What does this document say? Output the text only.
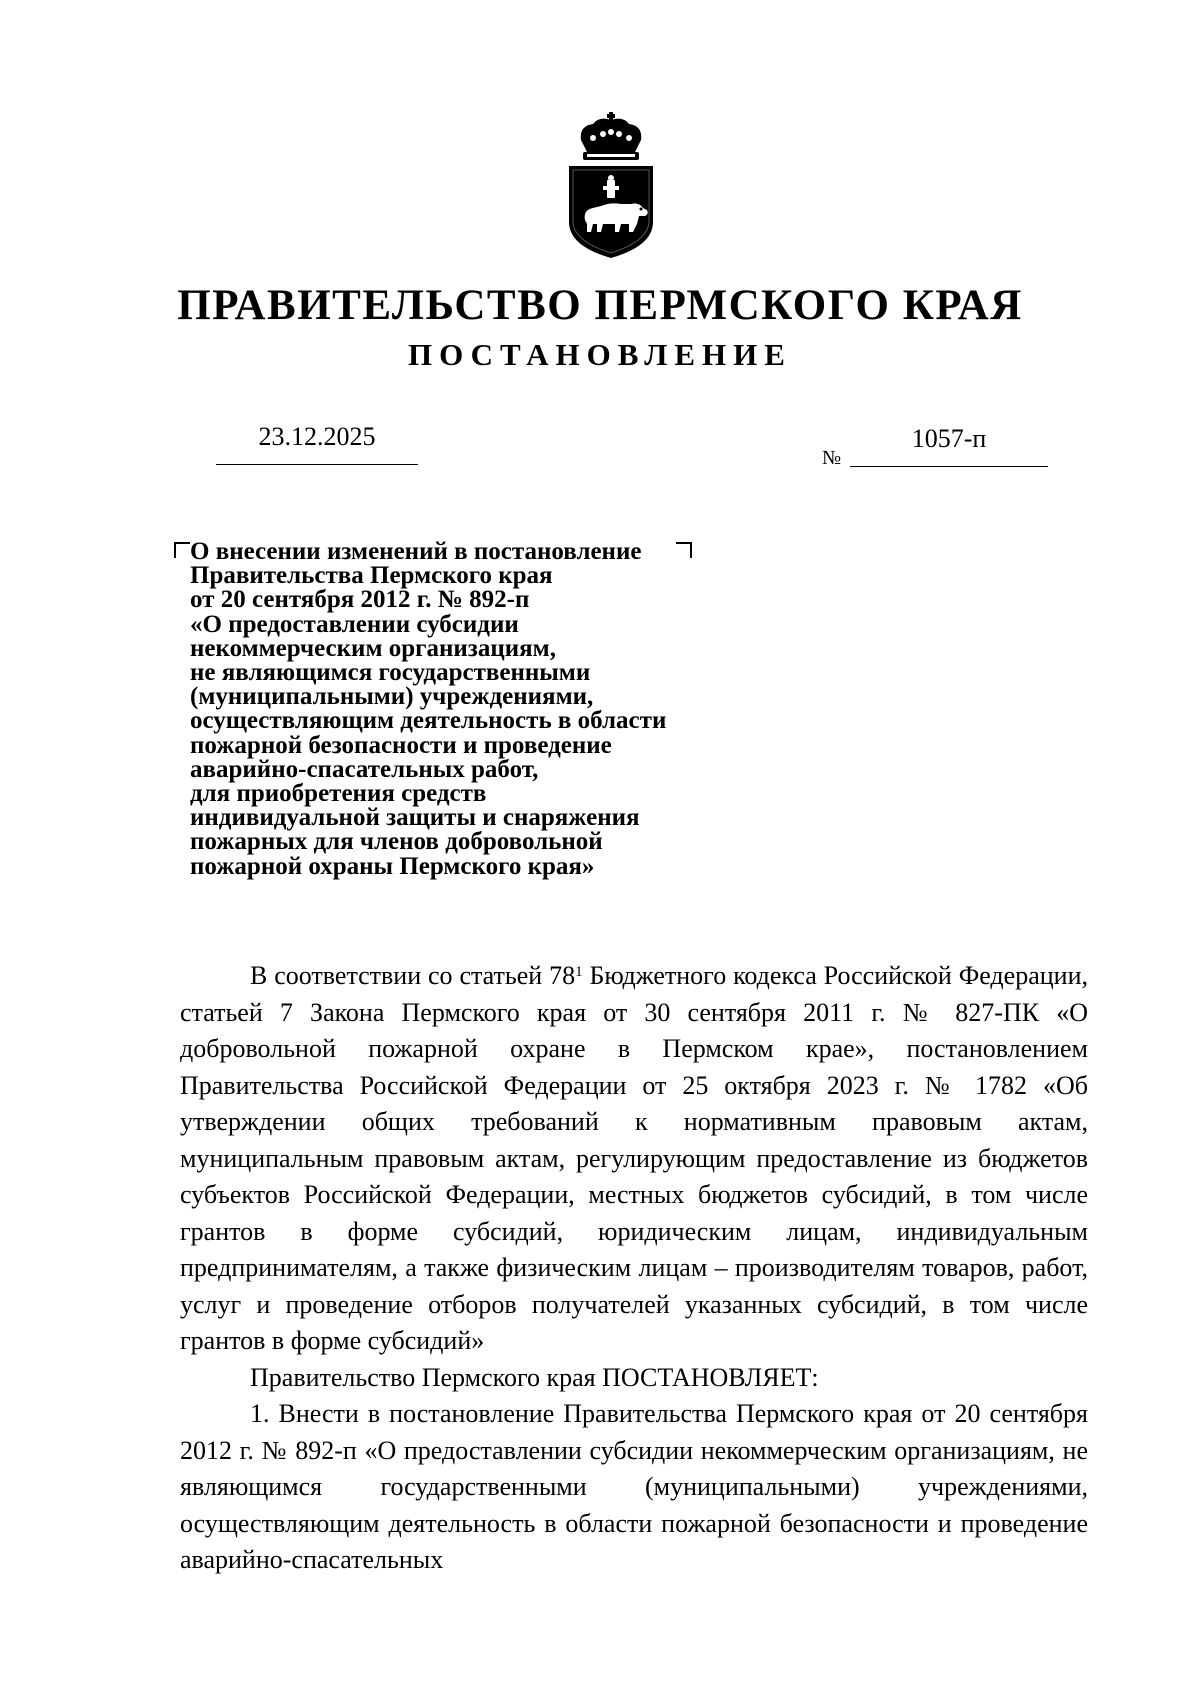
ПРАВИТЕЛЬСТВО ПЕРМСКОГО КРАЯ
ПОСТАНОВЛЕНИЕ
23.12.2025
№
1057-п
О внесении изменений в постановление
Правительства Пермского края
от 20 сентября 2012 г. № 892-п
«О предоставлении субсидии
некоммерческим организациям,
не являющимся государственными
(муниципальными) учреждениями,
осуществляющим деятельность в области
пожарной безопасности и проведение
аварийно-спасательных работ,
для приобретения средств
индивидуальной защиты и снаряжения
пожарных для членов добровольной
пожарной охраны Пермского края»

В соответствии со статьей $78^1$ Бюджетного кодекса Российской Федерации, статьей 7 Закона Пермского края от 30 сентября 2011 г. № 827-ПК «О добровольной пожарной охране в Пермском крае», постановлением Правительства Российской Федерации от 25 октября 2023 г. № 1782 «Об утверждении общих требований к нормативным правовым актам, муниципальным правовым актам, регулирующим предоставление из бюджетов субъектов Российской Федерации, местных бюджетов субсидий, в том числе грантов в форме субсидий, юридическим лицам, индивидуальным предпринимателям, а также физическим лицам – производителям товаров, работ, услуг и проведение отборов получателей указанных субсидий, в том числе грантов в форме субсидий»

Правительство Пермского края ПОСТАНОВЛЯЕТ:

1. Внести в постановление Правительства Пермского края от 20 сентября 2012 г. № 892-п «О предоставлении субсидии некоммерческим организациям, не являющимся государственными (муниципальными) учреждениями, осуществляющим деятельность в области пожарной безопасности и проведение аварийно-спасательных
